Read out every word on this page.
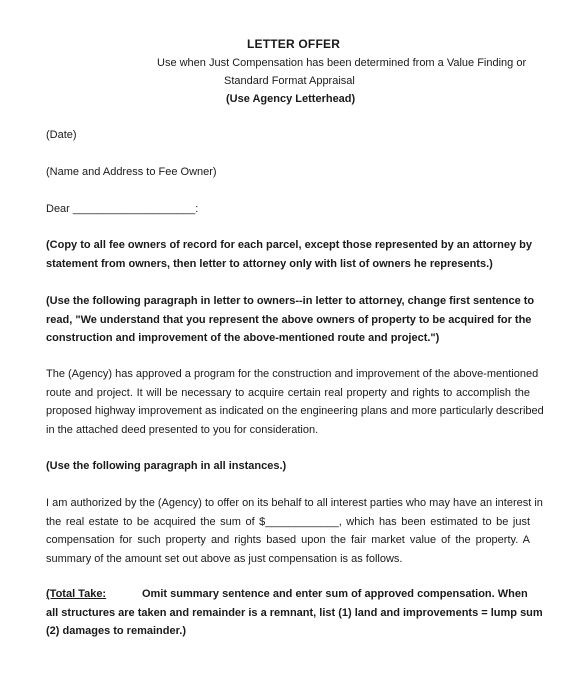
LETTER OFFER
Use when Just Compensation has been determined from a Value Finding or
Standard Format Appraisal
(Use Agency Letterhead)
(Date)
(Name and Address to Fee Owner)
Dear ____________________:
(Copy to all fee owners of record for each parcel, except those represented by an attorney by
statement from owners, then letter to attorney only with list of owners he represents.)
(Use the following paragraph in letter to owners--in letter to attorney, change first sentence to
read, "We understand that you represent the above owners of property to be acquired for the
construction and improvement of the above-mentioned route and project.")
The (Agency) has approved a program for the construction and improvement of the above-mentioned
route and project. It will be necessary to acquire certain real property and rights to accomplish the
proposed highway improvement as indicated on the engineering plans and more particularly described
in the attached deed presented to you for consideration.
(Use the following paragraph in all instances.)
I am authorized by the (Agency) to offer on its behalf to all interest parties who may have an interest in
the real estate to be acquired the sum of $____________, which has been estimated to be just
compensation for such property and rights based upon the fair market value of the property. A
summary of the amount set out above as just compensation is as follows.
(Total Take:	Omit summary sentence and enter sum of approved compensation. When
all structures are taken and remainder is a remnant, list (1) land and improvements = lump sum
(2) damages to remainder.)
